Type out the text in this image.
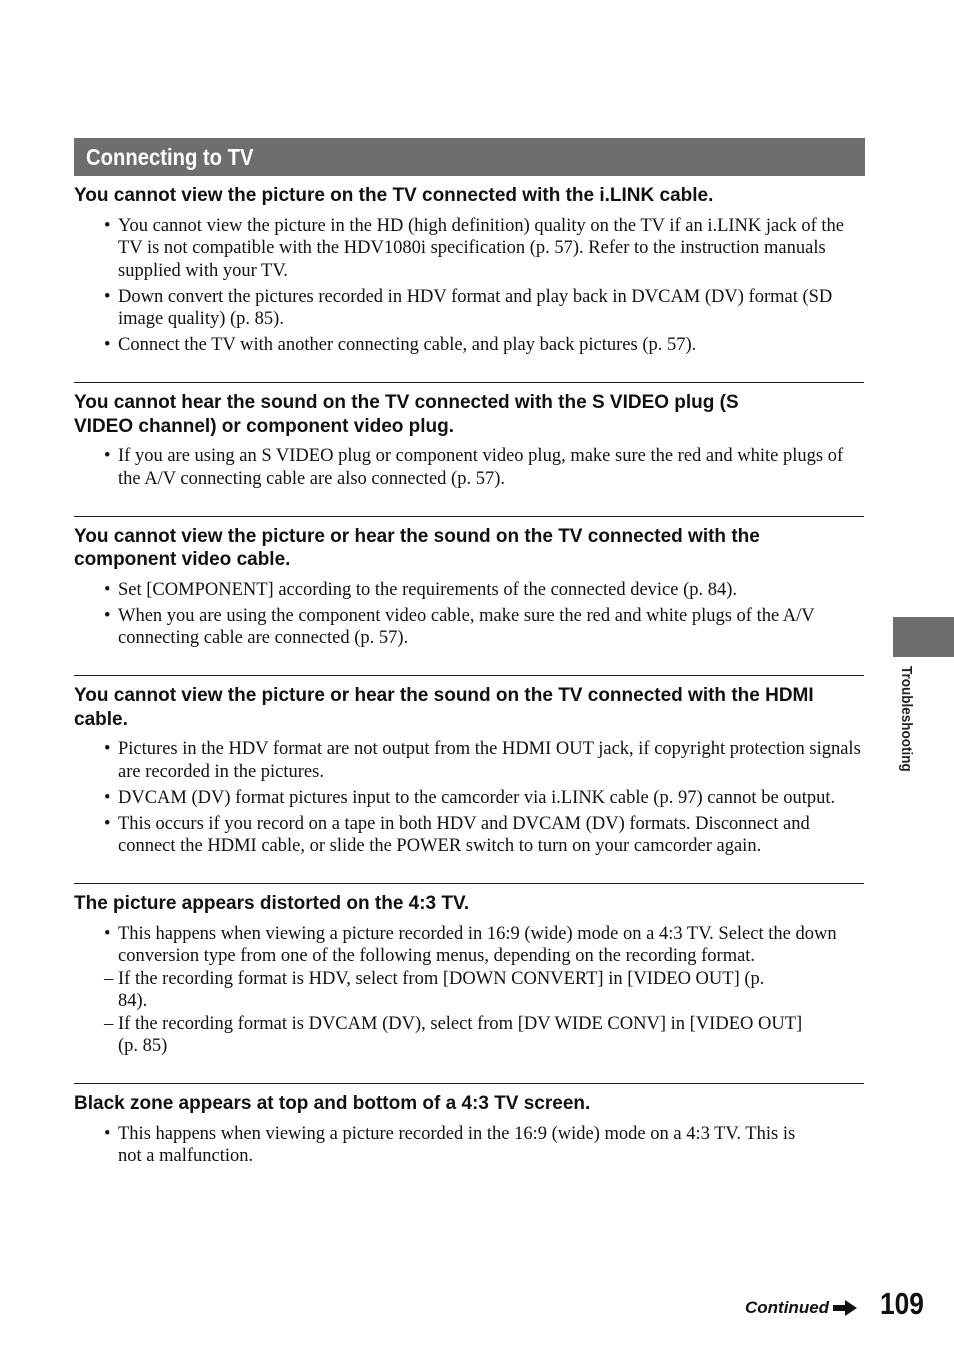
Connecting to TV
You cannot view the picture on the TV connected with the i.LINK cable.
• You cannot view the picture in the HD (high definition) quality on the TV if an i.LINK jack of the TV is not compatible with the HDV1080i specification (p. 57). Refer to the instruction manuals supplied with your TV.
• Down convert the pictures recorded in HDV format and play back in DVCAM (DV) format (SD image quality) (p. 85).
• Connect the TV with another connecting cable, and play back pictures (p. 57).
You cannot hear the sound on the TV connected with the S VIDEO plug (S VIDEO channel) or component video plug.
• If you are using an S VIDEO plug or component video plug, make sure the red and white plugs of the A/V connecting cable are also connected (p. 57).
You cannot view the picture or hear the sound on the TV connected with the component video cable.
• Set [COMPONENT] according to the requirements of the connected device (p. 84).
• When you are using the component video cable, make sure the red and white plugs of the A/V connecting cable are connected (p. 57).
You cannot view the picture or hear the sound on the TV connected with the HDMI cable.
• Pictures in the HDV format are not output from the HDMI OUT jack, if copyright protection signals are recorded in the pictures.
• DVCAM (DV) format pictures input to the camcorder via i.LINK cable (p. 97) cannot be output.
• This occurs if you record on a tape in both HDV and DVCAM (DV) formats. Disconnect and connect the HDMI cable, or slide the POWER switch to turn on your camcorder again.
The picture appears distorted on the 4:3 TV.
• This happens when viewing a picture recorded in 16:9 (wide) mode on a 4:3 TV. Select the down conversion type from one of the following menus, depending on the recording format.
– If the recording format is HDV, select from [DOWN CONVERT] in [VIDEO OUT] (p. 84).
– If the recording format is DVCAM (DV), select from [DV WIDE CONV] in [VIDEO OUT] (p. 85)
Black zone appears at top and bottom of a 4:3 TV screen.
• This happens when viewing a picture recorded in the 16:9 (wide) mode on a 4:3 TV. This is not a malfunction.
Troubleshooting
Continued 109
